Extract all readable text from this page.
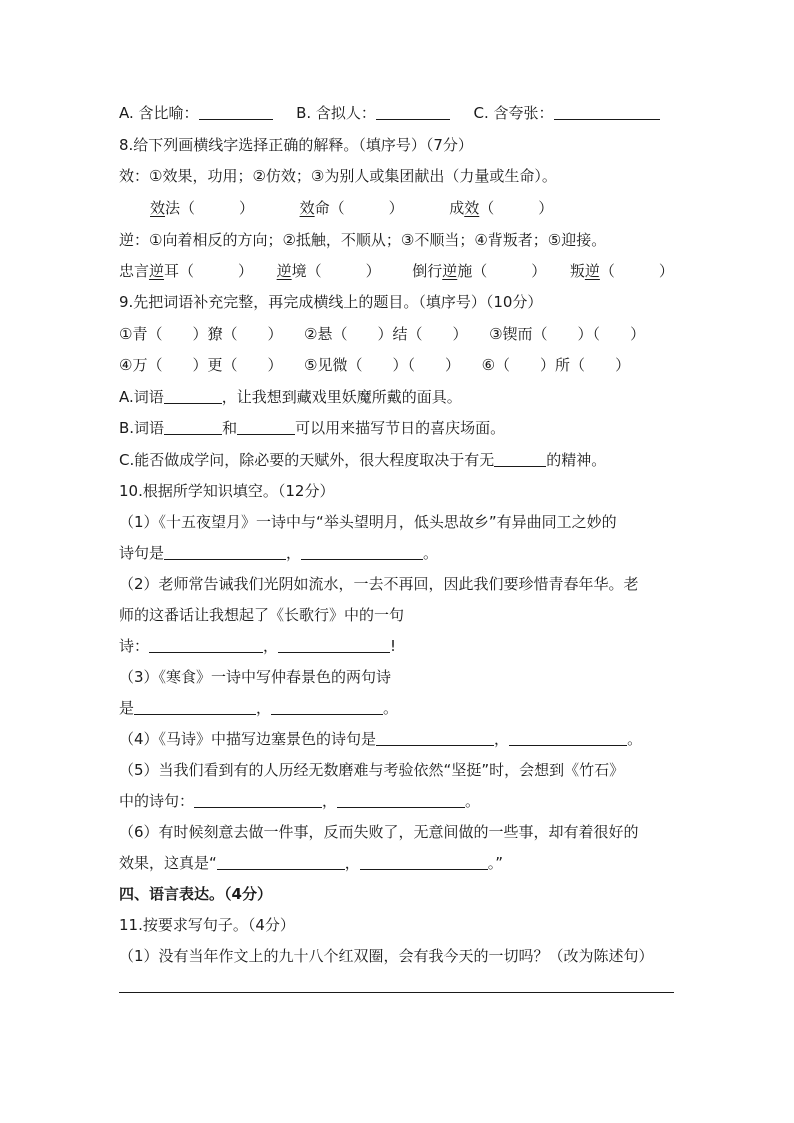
A. 含比喻：	B. 含拟人：	C. 含夸张：
8.给下列画横线字选择正确的解释。（填序号）（7分）
效：①效果，功用；②仿效；③为别人或集团献出（力量或生命）。
效法（	）	效命（	）	成效（	）
逆：①向着相反的方向；②抵触，不顺从；③不顺当；④背叛者；⑤迎接。
忠言逆耳（	） 逆境（	） 倒行逆施（	） 叛逆（	）
9.先把词语补充完整，再完成横线上的题目。（填序号）（10分）
①青（ ）獠（ ） ②悬（ ）结（ ） ③锲而（ ）（ ）
④万（ ）更（ ） ⑤见微（ ）（ ） ⑥（ ）所（ ）
A.词语	，让我想到藏戏里妖魔所戴的面具。
B.词语	和	可以用来描写节日的喜庆场面。
C.能否做成学问，除必要的天赋外，很大程度取决于有无	的精神。
10.根据所学知识填空。（12分）
（1）《十五夜望月》一诗中与“举头望明月，低头思故乡”有异曲同工之妙的
诗句是	，	。
（2）老师常告诫我们光阴如流水，一去不再回，因此我们要珍惜青春年华。老
师的这番话让我想起了《长歌行》中的一句
诗：	，	!
（3）《寒食》一诗中写仲春景色的两句诗
是	，	。
（4）《马诗》中描写边塞景色的诗句是	，	。
（5）当我们看到有的人历经无数磨难与考验依然“坚挺”时，会想到《竹石》
中的诗句：	，	。
（6）有时候刻意去做一件事，反而失败了，无意间做的一些事，却有着很好的
效果，这真是“	，	。”
四、语言表达。（4分）
11.按要求写句子。（4分）
（1）没有当年作文上的九十八个红双圈，会有我今天的一切吗？（改为陈述句）
